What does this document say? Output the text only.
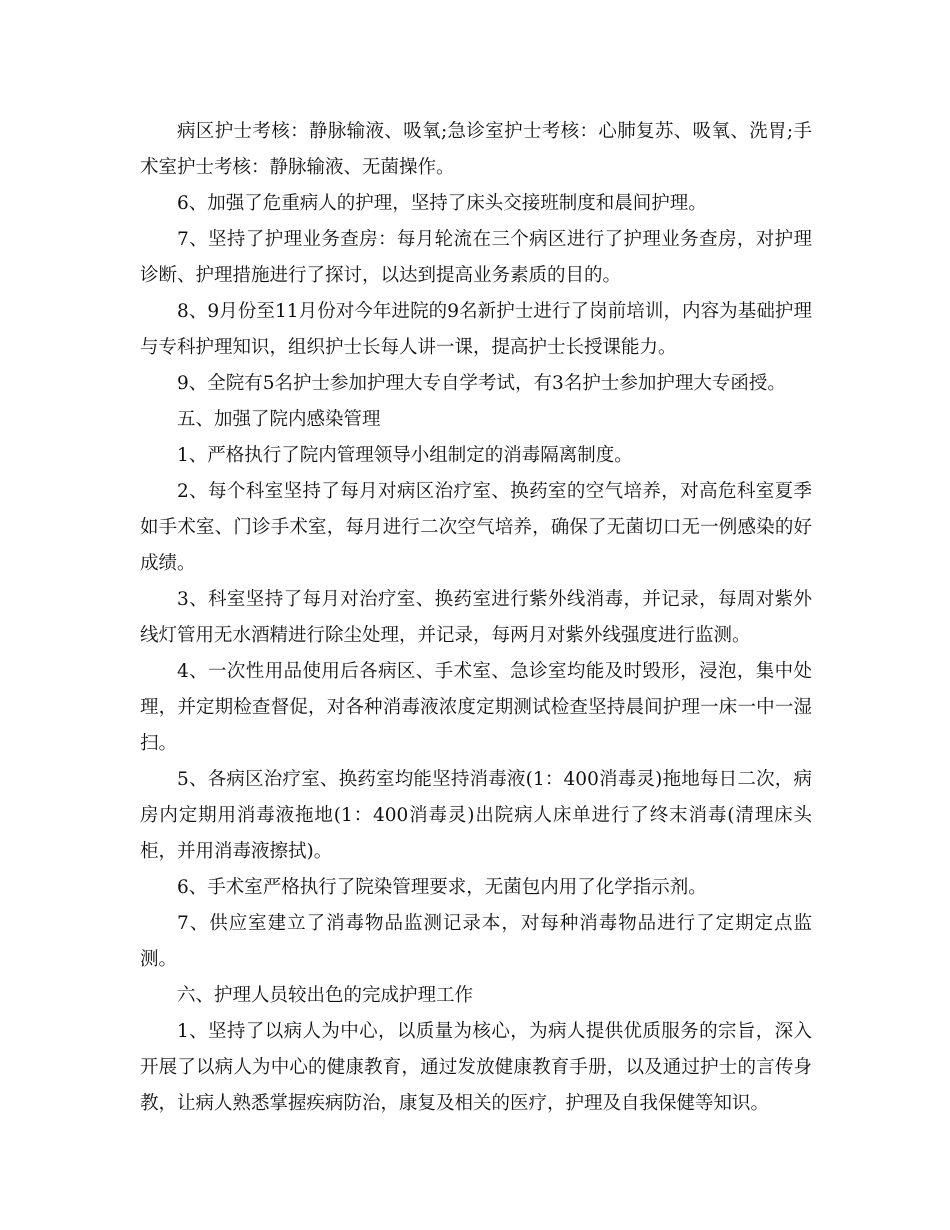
病区护士考核：静脉输液、吸氧;急诊室护士考核：心肺复苏、吸氧、洗胃;手术室护士考核：静脉输液、无菌操作。

6、加强了危重病人的护理，坚持了床头交接班制度和晨间护理。

7、坚持了护理业务查房：每月轮流在三个病区进行了护理业务查房，对护理诊断、护理措施进行了探讨，以达到提高业务素质的目的。

8、9月份至11月份对今年进院的9名新护士进行了岗前培训，内容为基础护理与专科护理知识，组织护士长每人讲一课，提高护士长授课能力。

9、全院有5名护士参加护理大专自学考试，有3名护士参加护理大专函授。

五、加强了院内感染管理

1、严格执行了院内管理领导小组制定的消毒隔离制度。

2、每个科室坚持了每月对病区治疗室、换药室的空气培养，对高危科室夏季如手术室、门诊手术室，每月进行二次空气培养，确保了无菌切口无一例感染的好成绩。

3、科室坚持了每月对治疗室、换药室进行紫外线消毒，并记录，每周对紫外线灯管用无水酒精进行除尘处理，并记录，每两月对紫外线强度进行监测。

4、一次性用品使用后各病区、手术室、急诊室均能及时毁形，浸泡，集中处理，并定期检查督促，对各种消毒液浓度定期测试检查坚持晨间护理一床一中一湿扫。

5、各病区治疗室、换药室均能坚持消毒液(1：400消毒灵)拖地每日二次，病房内定期用消毒液拖地(1：400消毒灵)出院病人床单进行了终末消毒(清理床头柜，并用消毒液擦拭)。

6、手术室严格执行了院染管理要求，无菌包内用了化学指示剂。

7、供应室建立了消毒物品监测记录本，对每种消毒物品进行了定期定点监测。

六、护理人员较出色的完成护理工作

1、坚持了以病人为中心，以质量为核心，为病人提供优质服务的宗旨，深入开展了以病人为中心的健康教育，通过发放健康教育手册，以及通过护士的言传身教，让病人熟悉掌握疾病防治，康复及相关的医疗，护理及自我保健等知识。
